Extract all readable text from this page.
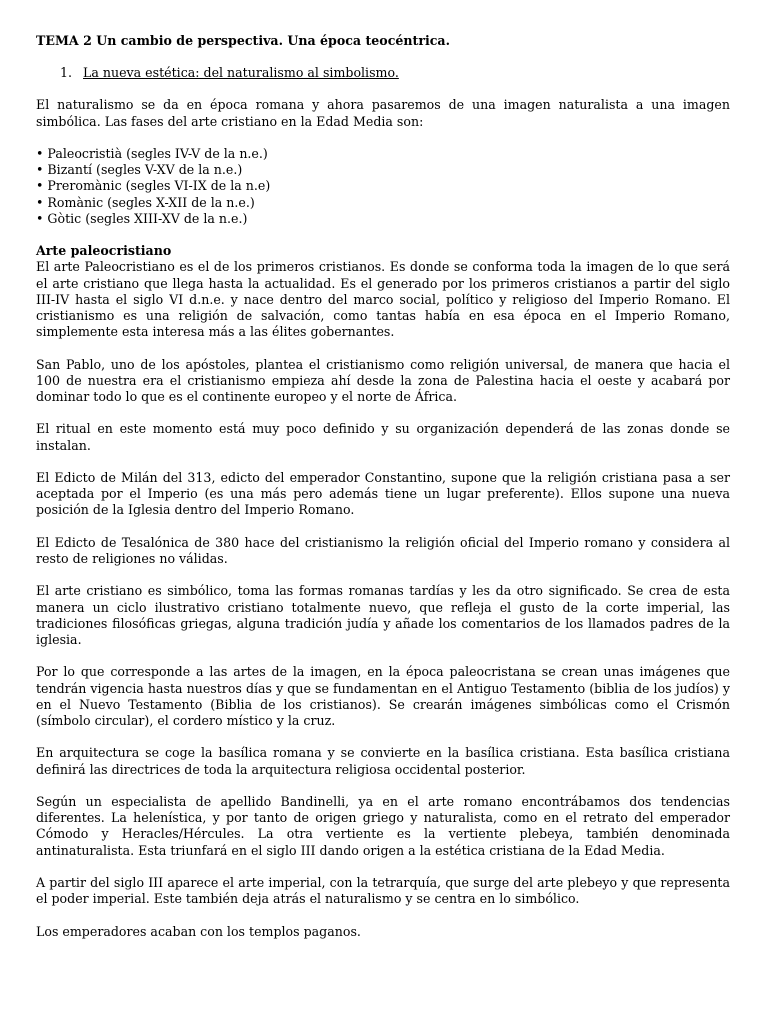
TEMA 2 Un cambio de perspectiva. Una época teocéntrica.
1. La nueva estética: del naturalismo al simbolismo.

El naturalismo se da en época romana y ahora pasaremos de una imagen naturalista a una imagen simbólica. Las fases del arte cristiano en la Edad Media son:

• Paleocristià (segles IV-V de la n.e.)
• Bizantí (segles V-XV de la n.e.)
• Preromànic (segles VI-IX de la n.e)
• Romànic (segles X-XII de la n.e.)
• Gòtic (segles XIII-XV de la n.e.)
Arte paleocristiano

El arte Paleocristiano es el de los primeros cristianos. Es donde se conforma toda la imagen de lo que será el arte cristiano que llega hasta la actualidad. Es el generado por los primeros cristianos a partir del siglo III-IV hasta el siglo VI d.n.e. y nace dentro del marco social, político y religioso del Imperio Romano. El cristianismo es una religión de salvación, como tantas había en esa época en el Imperio Romano, simplemente esta interesa más a las élites gobernantes.

San Pablo, uno de los apóstoles, plantea el cristianismo como religión universal, de manera que hacia el 100 de nuestra era el cristianismo empieza ahí desde la zona de Palestina hacia el oeste y acabará por dominar todo lo que es el continente europeo y el norte de África.

El ritual en este momento está muy poco definido y su organización dependerá de las zonas donde se instalan.

El Edicto de Milán del 313, edicto del emperador Constantino, supone que la religión cristiana pasa a ser aceptada por el Imperio (es una más pero además tiene un lugar preferente). Ellos supone una nueva posición de la Iglesia dentro del Imperio Romano.

El Edicto de Tesalónica de 380 hace del cristianismo la religión oficial del Imperio romano y considera al resto de religiones no válidas.

El arte cristiano es simbólico, toma las formas romanas tardías y les da otro significado. Se crea de esta manera un ciclo ilustrativo cristiano totalmente nuevo, que refleja el gusto de la corte imperial, las tradiciones filosóficas griegas, alguna tradición judía y añade los comentarios de los llamados padres de la iglesia.

Por lo que corresponde a las artes de la imagen, en la época paleocristana se crean unas imágenes que tendrán vigencia hasta nuestros días y que se fundamentan en el Antiguo Testamento (biblia de los judíos) y en el Nuevo Testamento (Biblia de los cristianos). Se crearán imágenes simbólicas como el Crismón (símbolo circular), el cordero místico y la cruz.

En arquitectura se coge la basílica romana y se convierte en la basílica cristiana. Esta basílica cristiana definirá las directrices de toda la arquitectura religiosa occidental posterior.

Según un especialista de apellido Bandinelli, ya en el arte romano encontrábamos dos tendencias diferentes. La helenística, y por tanto de origen griego y naturalista, como en el retrato del emperador Cómodo y Heracles/Hércules. La otra vertiente es la vertiente plebeya, también denominada antinaturalista. Esta triunfará en el siglo III dando origen a la estética cristiana de la Edad Media.

A partir del siglo III aparece el arte imperial, con la tetrarquía, que surge del arte plebeyo y que representa el poder imperial. Este también deja atrás el naturalismo y se centra en lo simbólico.

Los emperadores acaban con los templos paganos.
